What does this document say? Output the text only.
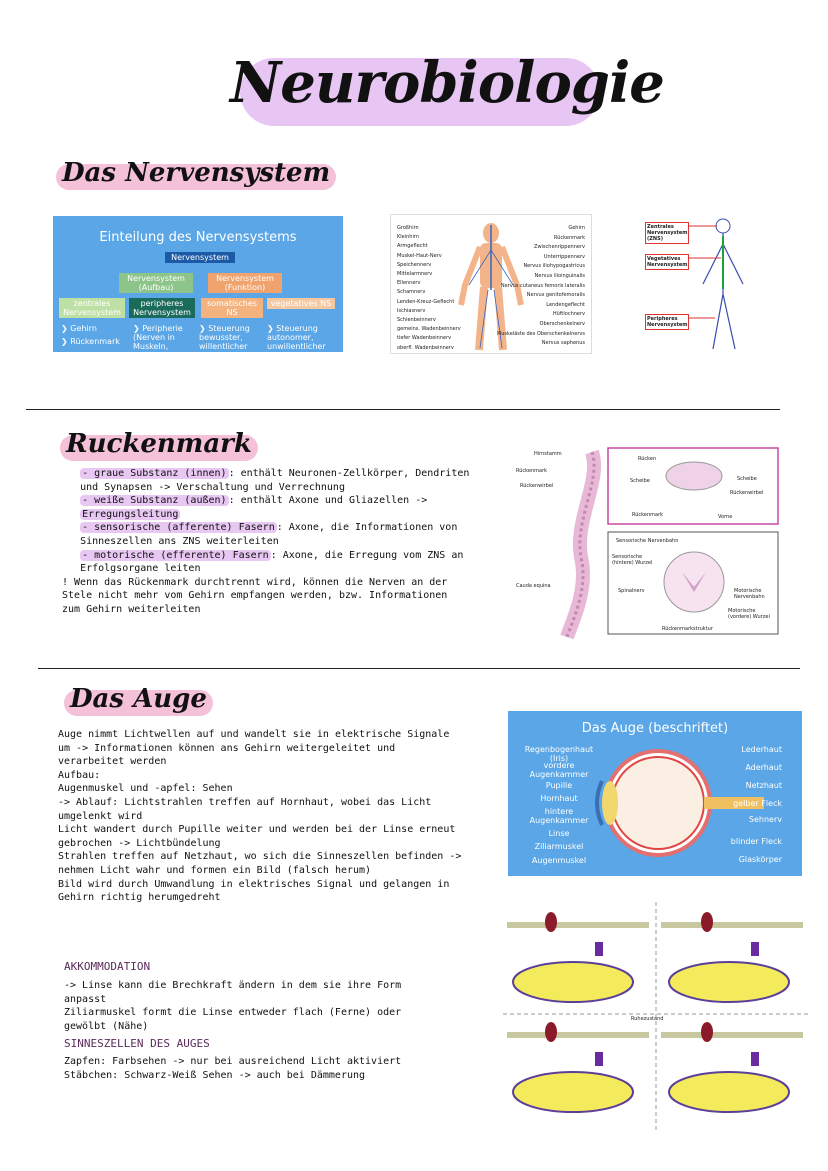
Neurobiologie
Das Nervensystem
Einteilung des Nervensystems
Nervensystem
Nervensystem (Aufbau)
Nervensystem (Funktion)
zentrales Nervensystem
peripheres Nervensystem
somatisches NS
vegetatives NS
❯ Gehirn
❯ Rückenmark
❯ Peripherie (Nerven in Muskeln, Augen, Ohren etc.)
❯ Steuerung bewusster, willentlicher Vorgänge
❯ Steuerung autonomer, unwillentlicher Vorgänge
Großhirn
Kleinhirn
Armgeflecht
Muskel-Haut-Nerv
Speichennerv
Mittelarmnerv
Ellennerv
Schamnerv
Lenden-Kreuz-Geflecht
Ischiasnerv
Schienbeinnerv
gemeins. Wadenbeinnerv
tiefer Wadenbeinnerv
oberfl. Wadenbeinnerv
Gehirn
Rückenmark
Zwischenrippennerv
Unterrippennerv
Nervus iliohypogastricus
Nervus ilioinguinalis
Nervus cutaneus femoris lateralis
Nervus genitofemoralis
Lendengeflecht
Hüftlochnerv
Oberschenkelnerv
Muskeläste des Oberschenkelnervs
Nervus saphenus
Zentrales Nervensystem (ZNS)
Vegetatives Nervensystem
Peripheres Nervensystem
Ruckenmark

- graue Substanz (innen) : enthält Neuronen-Zellkörper, Dendriten

und Synapsen -> Verschaltung und Verrechnung

- weiße Substanz (außen) : enthält Axone und Gliazellen ->

Erregungsleitung

- sensorische (afferente) Fasern : Axone, die Informationen von

Sinneszellen ans ZNS weiterleiten

- motorische (efferente) Fasern : Axone, die Erregung vom ZNS an

Erfolgsorgane leiten

! Wenn das Rückenmark durchtrennt wird, können die Nerven an der

Stele nicht mehr vom Gehirn empfangen werden, bzw. Informationen

zum Gehirn weiterleiten

Hirnstamm
Rückenmark
Rückenwirbel
Cauda equina
Rücken
Scheibe	Scheibe
Rückenwirbel
Rückenmark	Vorne
Sensorische Nervenbahn
Sensorische (hintere) Wurzel
Spinalnerv	Motorische Nervenbahn
Motorische (vordere) Wurzel
Rückenmarkstruktur
Das Auge

Auge nimmt Lichtwellen auf und wandelt sie in elektrische Signale

um -> Informationen können ans Gehirn weitergeleitet und

verarbeitet werden

Aufbau:

Augenmuskel und -apfel: Sehen

-> Ablauf: Lichtstrahlen treffen auf Hornhaut, wobei das Licht

umgelenkt wird

Licht wandert durch Pupille weiter und werden bei der Linse erneut

gebrochen -> Lichtbündelung

Strahlen treffen auf Netzhaut, wo sich die Sinneszellen befinden ->

nehmen Licht wahr und formen ein Bild (falsch herum)

Bild wird durch Umwandlung in elektrisches Signal und gelangen in

Gehirn richtig herumgedreht

Das Auge (beschriftet)
Regenbogenhaut (Iris)
vordere Augenkammer
Pupille
Hornhaut
hintere Augenkammer
Linse
Ziliarmuskel
Augenmuskel
Lederhaut
Aderhaut
Netzhaut
gelber Fleck
Sehnerv
blinder Fleck
Glaskörper
AKKOMMODATION

-> Linse kann die Brechkraft ändern in dem sie ihre Form

anpasst

Ziliarmuskel formt die Linse entweder flach (Ferne) oder

gewölbt (Nähe)

SINNESZELLEN DES AUGES

Zapfen: Farbsehen -> nur bei ausreichend Licht aktiviert

Stäbchen: Schwarz-Weiß Sehen -> auch bei Dämmerung

Ruhezustand
